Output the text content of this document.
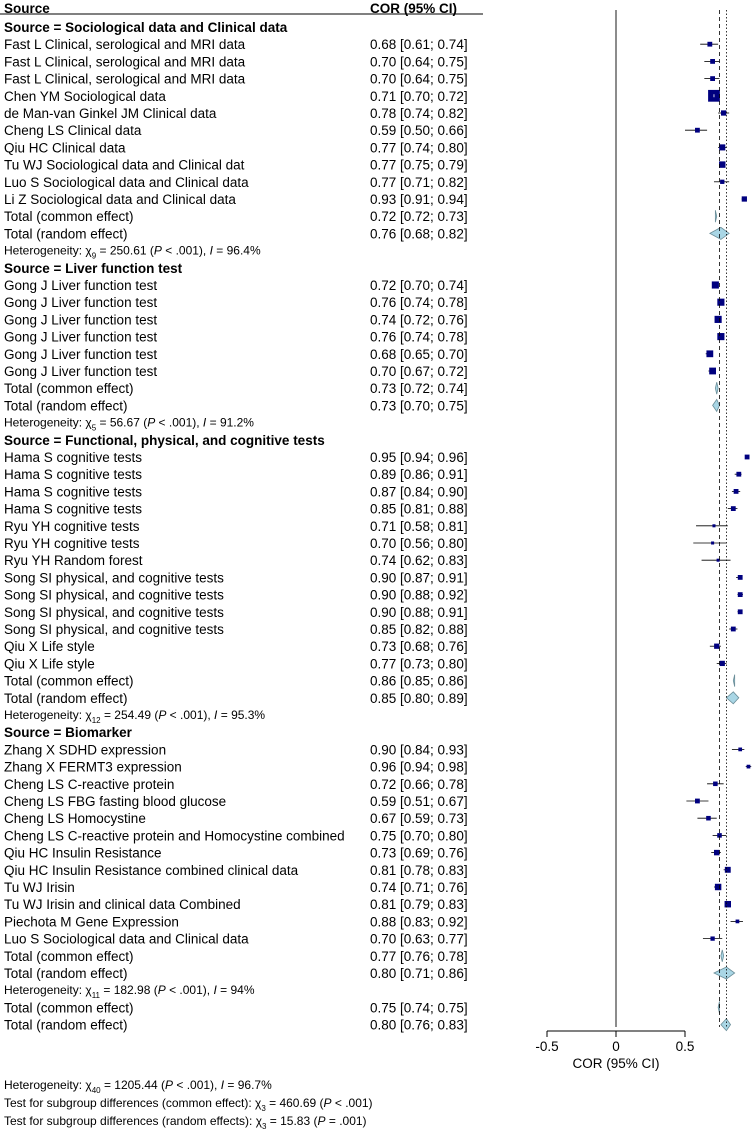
Source	COR (95% CI)
Source = Sociological data and Clinical data
Fast L Clinical, serological and MRI data	0.68 [0.61; 0.74]
Fast L Clinical, serological and MRI data	0.70 [0.64; 0.75]
Fast L Clinical, serological and MRI data	0.70 [0.64; 0.75]
Chen YM Sociological data	0.71 [0.70; 0.72]
de Man-van Ginkel JM Clinical data	0.78 [0.74; 0.82]
Cheng LS Clinical data	0.59 [0.50; 0.66]
Qiu HC Clinical data	0.77 [0.74; 0.80]
Tu WJ Sociological data and Clinical dat	0.77 [0.75; 0.79]
Luo S Sociological data and Clinical data	0.77 [0.71; 0.82]
Li Z Sociological data and Clinical data	0.93 [0.91; 0.94]
Total (common effect)	0.72 [0.72; 0.73]
Total (random effect)	0.76 [0.68; 0.82]
Heterogeneity: $\chi_9 = 250.61$ (P < .001), I = 96.4%
Source = Liver function test
Gong J Liver function test	0.72 [0.70; 0.74]
Gong J Liver function test	0.76 [0.74; 0.78]
Gong J Liver function test	0.74 [0.72; 0.76]
Gong J Liver function test	0.76 [0.74; 0.78]
Gong J Liver function test	0.68 [0.65; 0.70]
Gong J Liver function test	0.70 [0.67; 0.72]
Total (common effect)	0.73 [0.72; 0.74]
Total (random effect)	0.73 [0.70; 0.75]
Heterogeneity: $\chi_5 = 56.67$ (P < .001), I = 91.2%
Source = Functional, physical, and cognitive tests
Hama S cognitive tests	0.95 [0.94; 0.96]
Hama S cognitive tests	0.89 [0.86; 0.91]
Hama S cognitive tests	0.87 [0.84; 0.90]
Hama S cognitive tests	0.85 [0.81; 0.88]
Ryu YH cognitive tests	0.71 [0.58; 0.81]
Ryu YH cognitive tests	0.70 [0.56; 0.80]
Ryu YH Random forest	0.74 [0.62; 0.83]
Song SI physical, and cognitive tests	0.90 [0.87; 0.91]
Song SI physical, and cognitive tests	0.90 [0.88; 0.92]
Song SI physical, and cognitive tests	0.90 [0.88; 0.91]
Song SI physical, and cognitive tests	0.85 [0.82; 0.88]
Qiu X Life style	0.73 [0.68; 0.76]
Qiu X Life style	0.77 [0.73; 0.80]
Total (common effect)	0.86 [0.85; 0.86]
Total (random effect)	0.85 [0.80; 0.89]
Heterogeneity: $\chi_{12} = 254.49$ (P < .001), I = 95.3%
Source = Biomarker
Zhang X SDHD expression	0.90 [0.84; 0.93]
Zhang X FERMT3 expression	0.96 [0.94; 0.98]
Cheng LS C-reactive protein	0.72 [0.66; 0.78]
Cheng LS FBG fasting blood glucose	0.59 [0.51; 0.67]
Cheng LS Homocystine	0.67 [0.59; 0.73]
Cheng LS C-reactive protein and Homocystine combined 0.75 [0.70; 0.80]
Qiu HC Insulin Resistance	0.73 [0.69; 0.76]
Qiu HC Insulin Resistance combined clinical data	0.81 [0.78; 0.83]
Tu WJ Irisin	0.74 [0.71; 0.76]
Tu WJ Irisin and clinical data Combined	0.81 [0.79; 0.83]
Piechota M Gene Expression	0.88 [0.83; 0.92]
Luo S Sociological data and Clinical data	0.70 [0.63; 0.77]
Total (common effect)	0.77 [0.76; 0.78]
Total (random effect)	0.80 [0.71; 0.86]
Heterogeneity: $\chi_{11} = 182.98$ (P < .001), I = 94%
Total (common effect)	0.75 [0.74; 0.75]
Total (random effect)	0.80 [0.76; 0.83]
-0.5	0	0.5
COR (95% CI)
Heterogeneity: $\chi_{40} = 1205.44$ (P < .001), I = 96.7%
Test for subgroup differences (common effect): $\chi_3 = 460.69$ (P < .001)
Test for subgroup differences (random effects): $\chi_3 = 15.83$ (P = .001)
